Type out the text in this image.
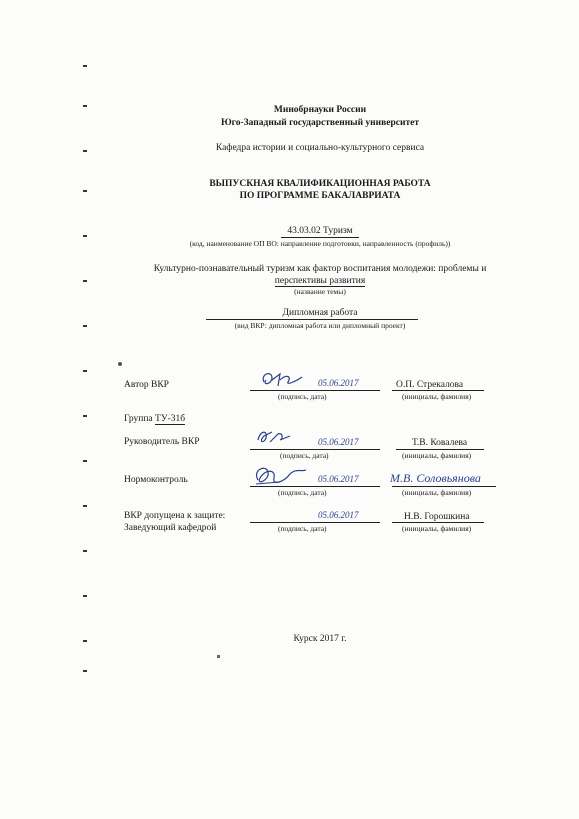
Минобрнауки России
Юго-Западный государственный университет
Кафедра истории и социально-культурного сервиса
ВЫПУСКНАЯ КВАЛИФИКАЦИОННАЯ РАБОТА
ПО ПРОГРАММЕ БАКАЛАВРИАТА
43.03.02 Туризм
(код, наименование ОП ВО: направление подготовки, направленность (профиль))
Культурно-познавательный туризм как фактор воспитания молодежи: проблемы и
перспективы развития
(название темы)
Дипломная работа
(вид ВКР: дипломная работа или дипломный проект)
Автор ВКР	05.06.2017	О.П. Стрекалова
(подпись, дата)	(инициалы, фамилия)
Группа ТУ-31б
Руководитель ВКР	05.06.2017	Т.В. Ковалева
(подпись, дата)	(инициалы, фамилия)
Нормоконтроль	05.06.2017	М.В. Соловьянова
(подпись, дата)	(инициалы, фамилия)
ВКР допущена к защите:
Заведующий кафедрой
05.06.2017	Н.В. Горошкина
(подпись, дата)	(инициалы, фамилия)
Курск 2017 г.
